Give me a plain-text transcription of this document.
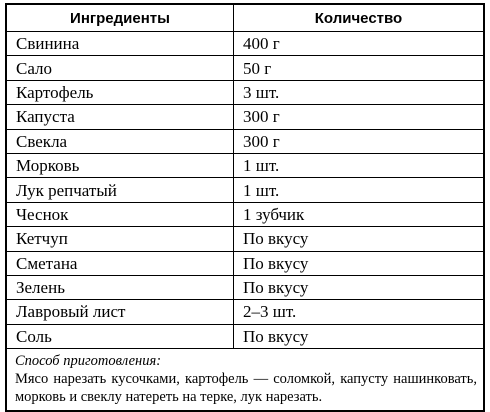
Ингредиенты	Количество
Свинина	400 г
Сало	50 г
Картофель	3 шт.
Капуста	300 г
Свекла	300 г
Морковь	1 шт.
Лук репчатый	1 шт.
Чеснок	1 зубчик
Кетчуп	По вкусу
Сметана	По вкусу
Зелень	По вкусу
Лавровый лист	2–3 шт.
Соль	По вкусу
Способ приготовления:
Мясо нарезать кусочками, картофель — соломкой, капусту нашинковать, морковь и свеклу натереть на терке, лук нарезать.
